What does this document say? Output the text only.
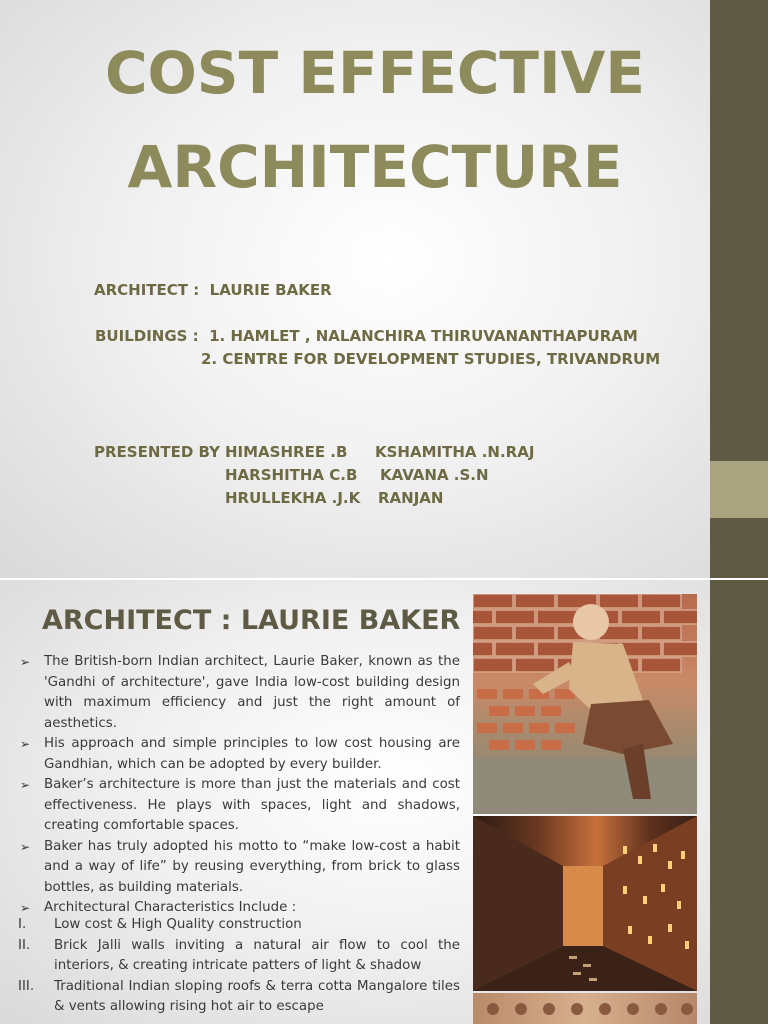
COST EFFECTIVE
ARCHITECTURE
ARCHITECT :  LAURIE BAKER
BUILDINGS :  1. HAMLET , NALANCHIRA THIRUVANANTHAPURAM
2. CENTRE FOR DEVELOPMENT STUDIES, TRIVANDRUM
PRESENTED BY :
HIMASHREE .B KSHAMITHA .N.RAJ
HARSHITHA C.B KAVANA .S.N
HRULLEKHA .J.K RANJAN
ARCHITECT : LAURIE BAKER
➢ The British-born Indian architect, Laurie Baker, known as the 'Gandhi of architecture', gave India low-cost building design with maximum efficiency and just the right amount of aesthetics.
➢ His approach and simple principles to low cost housing are Gandhian, which can be adopted by every builder.
➢ Baker’s architecture is more than just the materials and cost effectiveness. He plays with spaces, light and shadows, creating comfortable spaces.
➢ Baker has truly adopted his motto to “make low-cost a habit and a way of life” by reusing everything, from brick to glass bottles, as building materials.
➢ Architectural Characteristics Include :
I. Low cost & High Quality construction
II. Brick Jalli walls inviting a natural air flow to cool the interiors, & creating intricate patters of light & shadow
III. Traditional Indian sloping roofs & terra cotta Mangalore tiles & vents allowing rising hot air to escape
